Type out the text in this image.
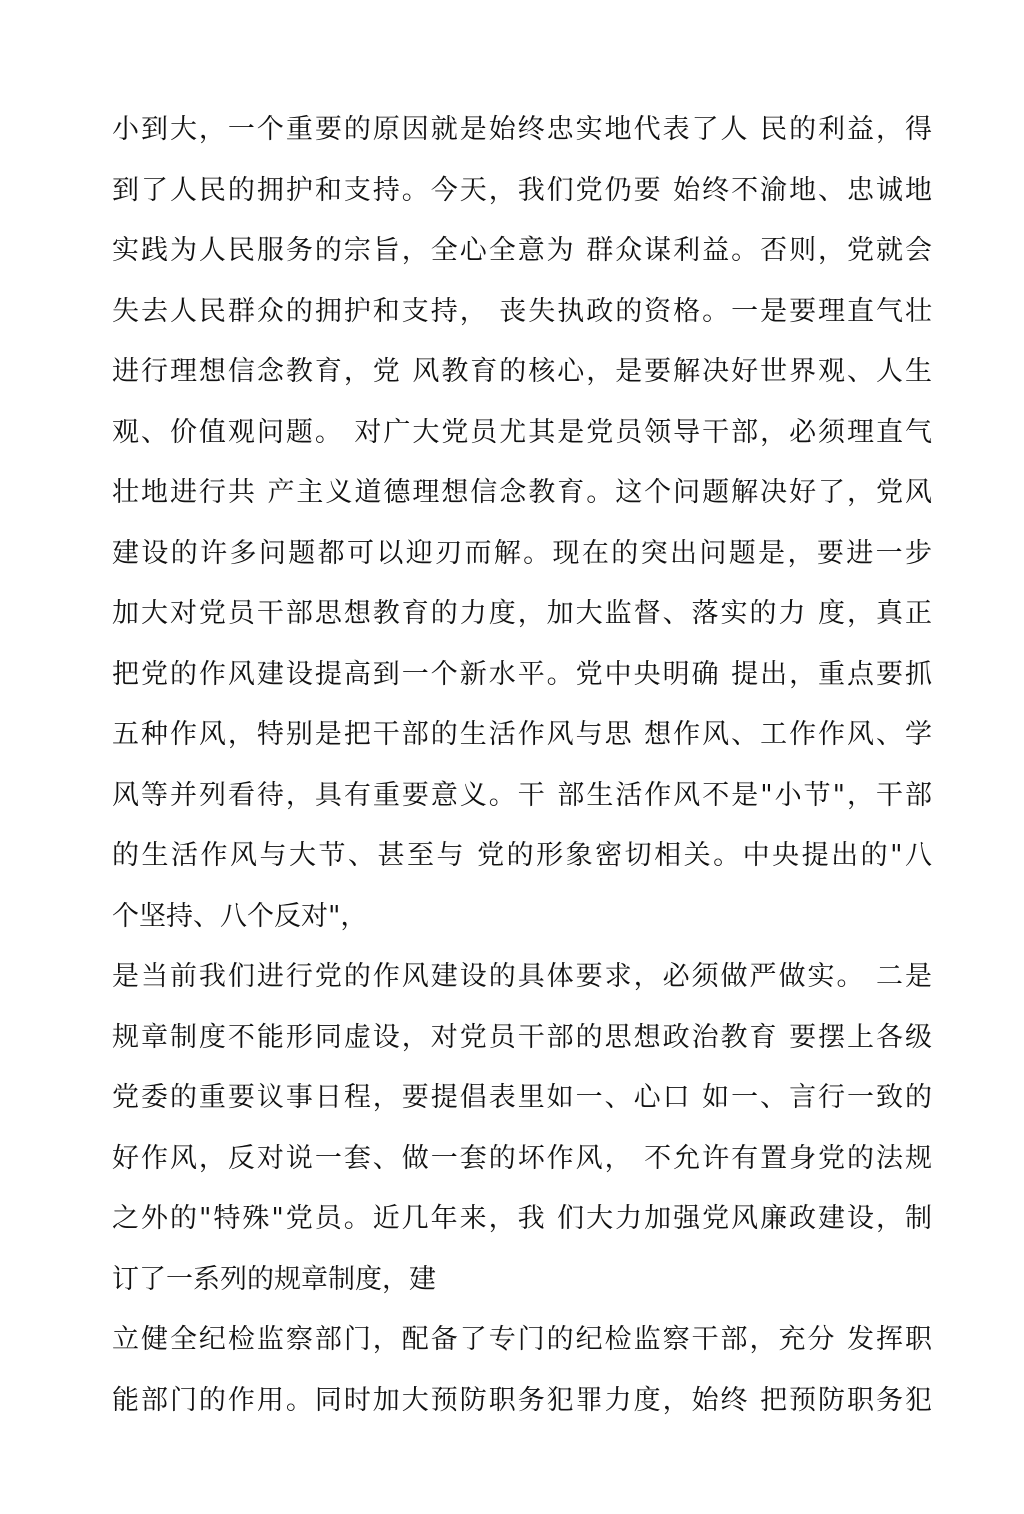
小到大，一个重要的原因就是始终忠实地代表了人 民的利益，得
到了人民的拥护和支持。今天，我们党仍要 始终不渝地、忠诚地
实践为人民服务的宗旨，全心全意为 群众谋利益。否则，党就会
失去人民群众的拥护和支持， 丧失执政的资格。一是要理直气壮
进行理想信念教育，党 风教育的核心，是要解决好世界观、人生
观、价值观问题。 对广大党员尤其是党员领导干部，必须理直气
壮地进行共 产主义道德理想信念教育。这个问题解决好了，党风
建设的许多问题都可以迎刃而解。现在的突出问题是，要进一步
加大对党员干部思想教育的力度，加大监督、落实的力 度，真正
把党的作风建设提高到一个新水平。党中央明确 提出，重点要抓
五种作风，特别是把干部的生活作风与思 想作风、工作作风、学
风等并列看待，具有重要意义。干 部生活作风不是"小节"，干部
的生活作风与大节、甚至与 党的形象密切相关。中央提出的"八
个坚持、八个反对"，
是当前我们进行党的作风建设的具体要求，必须做严做实。 二是
规章制度不能形同虚设，对党员干部的思想政治教育 要摆上各级
党委的重要议事日程，要提倡表里如一、心口 如一、言行一致的
好作风，反对说一套、做一套的坏作风， 不允许有置身党的法规
之外的"特殊"党员。近几年来，我 们大力加强党风廉政建设，制
订了一系列的规章制度，建
立健全纪检监察部门，配备了专门的纪检监察干部，充分 发挥职
能部门的作用。同时加大预防职务犯罪力度，始终 把预防职务犯
